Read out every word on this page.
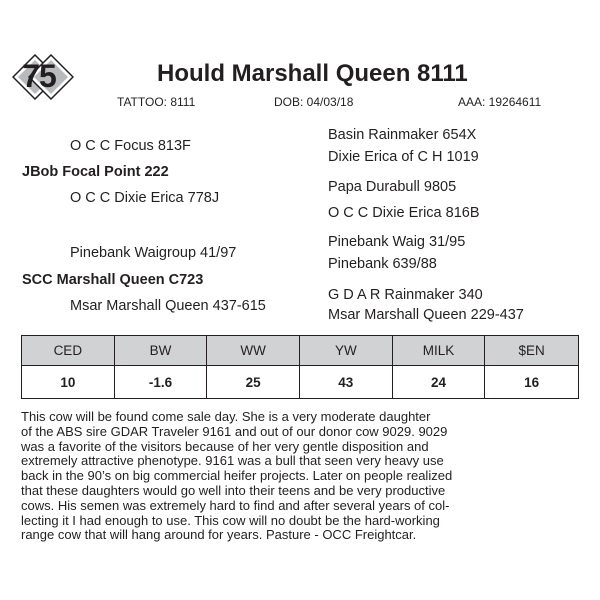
75	Hould Marshall Queen 8111
TATTOO: 8111	DOB: 04/03/18	AAA: 19264611
Basin Rainmaker 654X
O C C Focus 813F
Dixie Erica of C H 1019
JBob Focal Point 222
Papa Durabull 9805
O C C Dixie Erica 778J
O C C Dixie Erica 816B
Pinebank Waig 31/95
Pinebank Waigroup 41/97
Pinebank 639/88
SCC Marshall Queen C723
G D A R Rainmaker 340
Msar Marshall Queen 437-615
Msar Marshall Queen 229-437
CED	BW	WW	YW	MILK	$EN
10	-1.6	25	43	24	16
This cow will be found come sale day. She is a very moderate daughter
of the ABS sire GDAR Traveler 9161 and out of our donor cow 9029. 9029
was a favorite of the visitors because of her very gentle disposition and
extremely attractive phenotype. 9161 was a bull that seen very heavy use
back in the 90’s on big commercial heifer projects. Later on people realized
that these daughters would go well into their teens and be very productive
cows. His semen was extremely hard to find and after several years of col-
lecting it I had enough to use. This cow will no doubt be the hard-working
range cow that will hang around for years. Pasture - OCC Freightcar.
